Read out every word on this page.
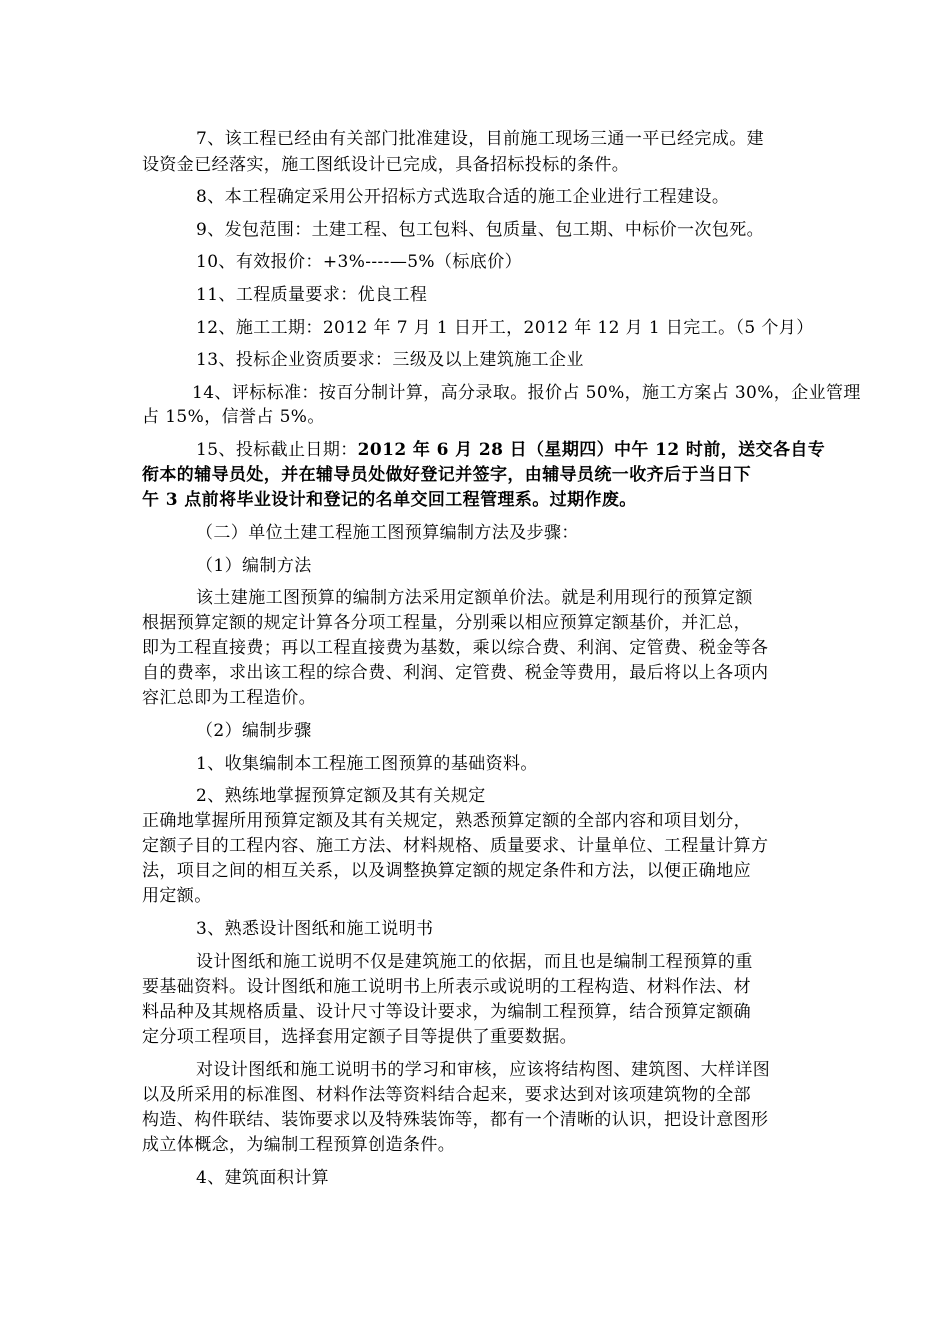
7、该工程已经由有关部门批准建设，目前施工现场三通一平已经完成。建
设资金已经落实，施工图纸设计已完成，具备招标投标的条件。
8、本工程确定采用公开招标方式选取合适的施工企业进行工程建设。
9、发包范围：土建工程、包工包料、包质量、包工期、中标价一次包死。
10、有效报价：+3%----—5%（标底价）
11、工程质量要求：优良工程
12、施工工期：2012 年 7 月 1 日开工，2012 年 12 月 1 日完工。（5 个月）
13、投标企业资质要求：三级及以上建筑施工企业
14、评标标准：按百分制计算，高分录取。报价占 50%，施工方案占 30%，企业管理
占 15%，信誉占 5%。
15、投标截止日期：2012 年 6 月 28 日（星期四）中午 12 时前，送交各自专
衔本的辅导员处，并在辅导员处做好登记并签字，由辅导员统一收齐后于当日下
午 3 点前将毕业设计和登记的名单交回工程管理系。过期作废。
（二）单位土建工程施工图预算编制方法及步骤：
（1）编制方法
该土建施工图预算的编制方法采用定额单价法。就是利用现行的预算定额
根据预算定额的规定计算各分项工程量，分别乘以相应预算定额基价，并汇总，
即为工程直接费；再以工程直接费为基数，乘以综合费、利润、定管费、税金等各
自的费率，求出该工程的综合费、利润、定管费、税金等费用，最后将以上各项内
容汇总即为工程造价。
（2）编制步骤
1、收集编制本工程施工图预算的基础资料。
2、熟练地掌握预算定额及其有关规定
正确地掌握所用预算定额及其有关规定，熟悉预算定额的全部内容和项目划分，
定额子目的工程内容、施工方法、材料规格、质量要求、计量单位、工程量计算方
法，项目之间的相互关系，以及调整换算定额的规定条件和方法，以便正确地应
用定额。
3、熟悉设计图纸和施工说明书
设计图纸和施工说明不仅是建筑施工的依据，而且也是编制工程预算的重
要基础资料。设计图纸和施工说明书上所表示或说明的工程构造、材料作法、材
料品种及其规格质量、设计尺寸等设计要求，为编制工程预算，结合预算定额确
定分项工程项目，选择套用定额子目等提供了重要数据。
对设计图纸和施工说明书的学习和审核，应该将结构图、建筑图、大样详图
以及所采用的标准图、材料作法等资料结合起来，要求达到对该项建筑物的全部
构造、构件联结、装饰要求以及特殊装饰等，都有一个清晰的认识，把设计意图形
成立体概念，为编制工程预算创造条件。
4、建筑面积计算
